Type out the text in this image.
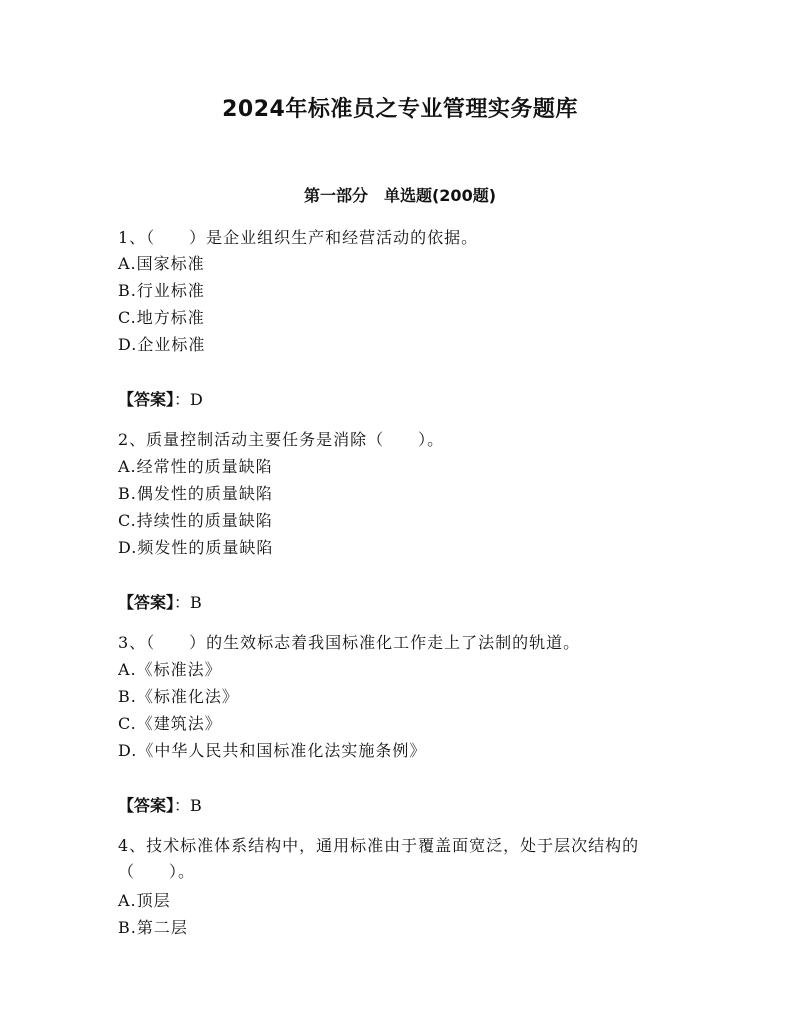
2024年标准员之专业管理实务题库
第一部分　单选题(200题)
1、（　　）是企业组织生产和经营活动的依据。
A.国家标准
B.行业标准
C.地方标准
D.企业标准
【答案】：D
2、质量控制活动主要任务是消除（　　）。
A.经常性的质量缺陷
B.偶发性的质量缺陷
C.持续性的质量缺陷
D.频发性的质量缺陷
【答案】：B
3、（　　）的生效标志着我国标准化工作走上了法制的轨道。
A.《标准法》
B.《标准化法》
C.《建筑法》
D.《中华人民共和国标准化法实施条例》
【答案】：B
4、技术标准体系结构中，通用标准由于覆盖面宽泛，处于层次结构的
（　　）。
A.顶层
B.第二层
